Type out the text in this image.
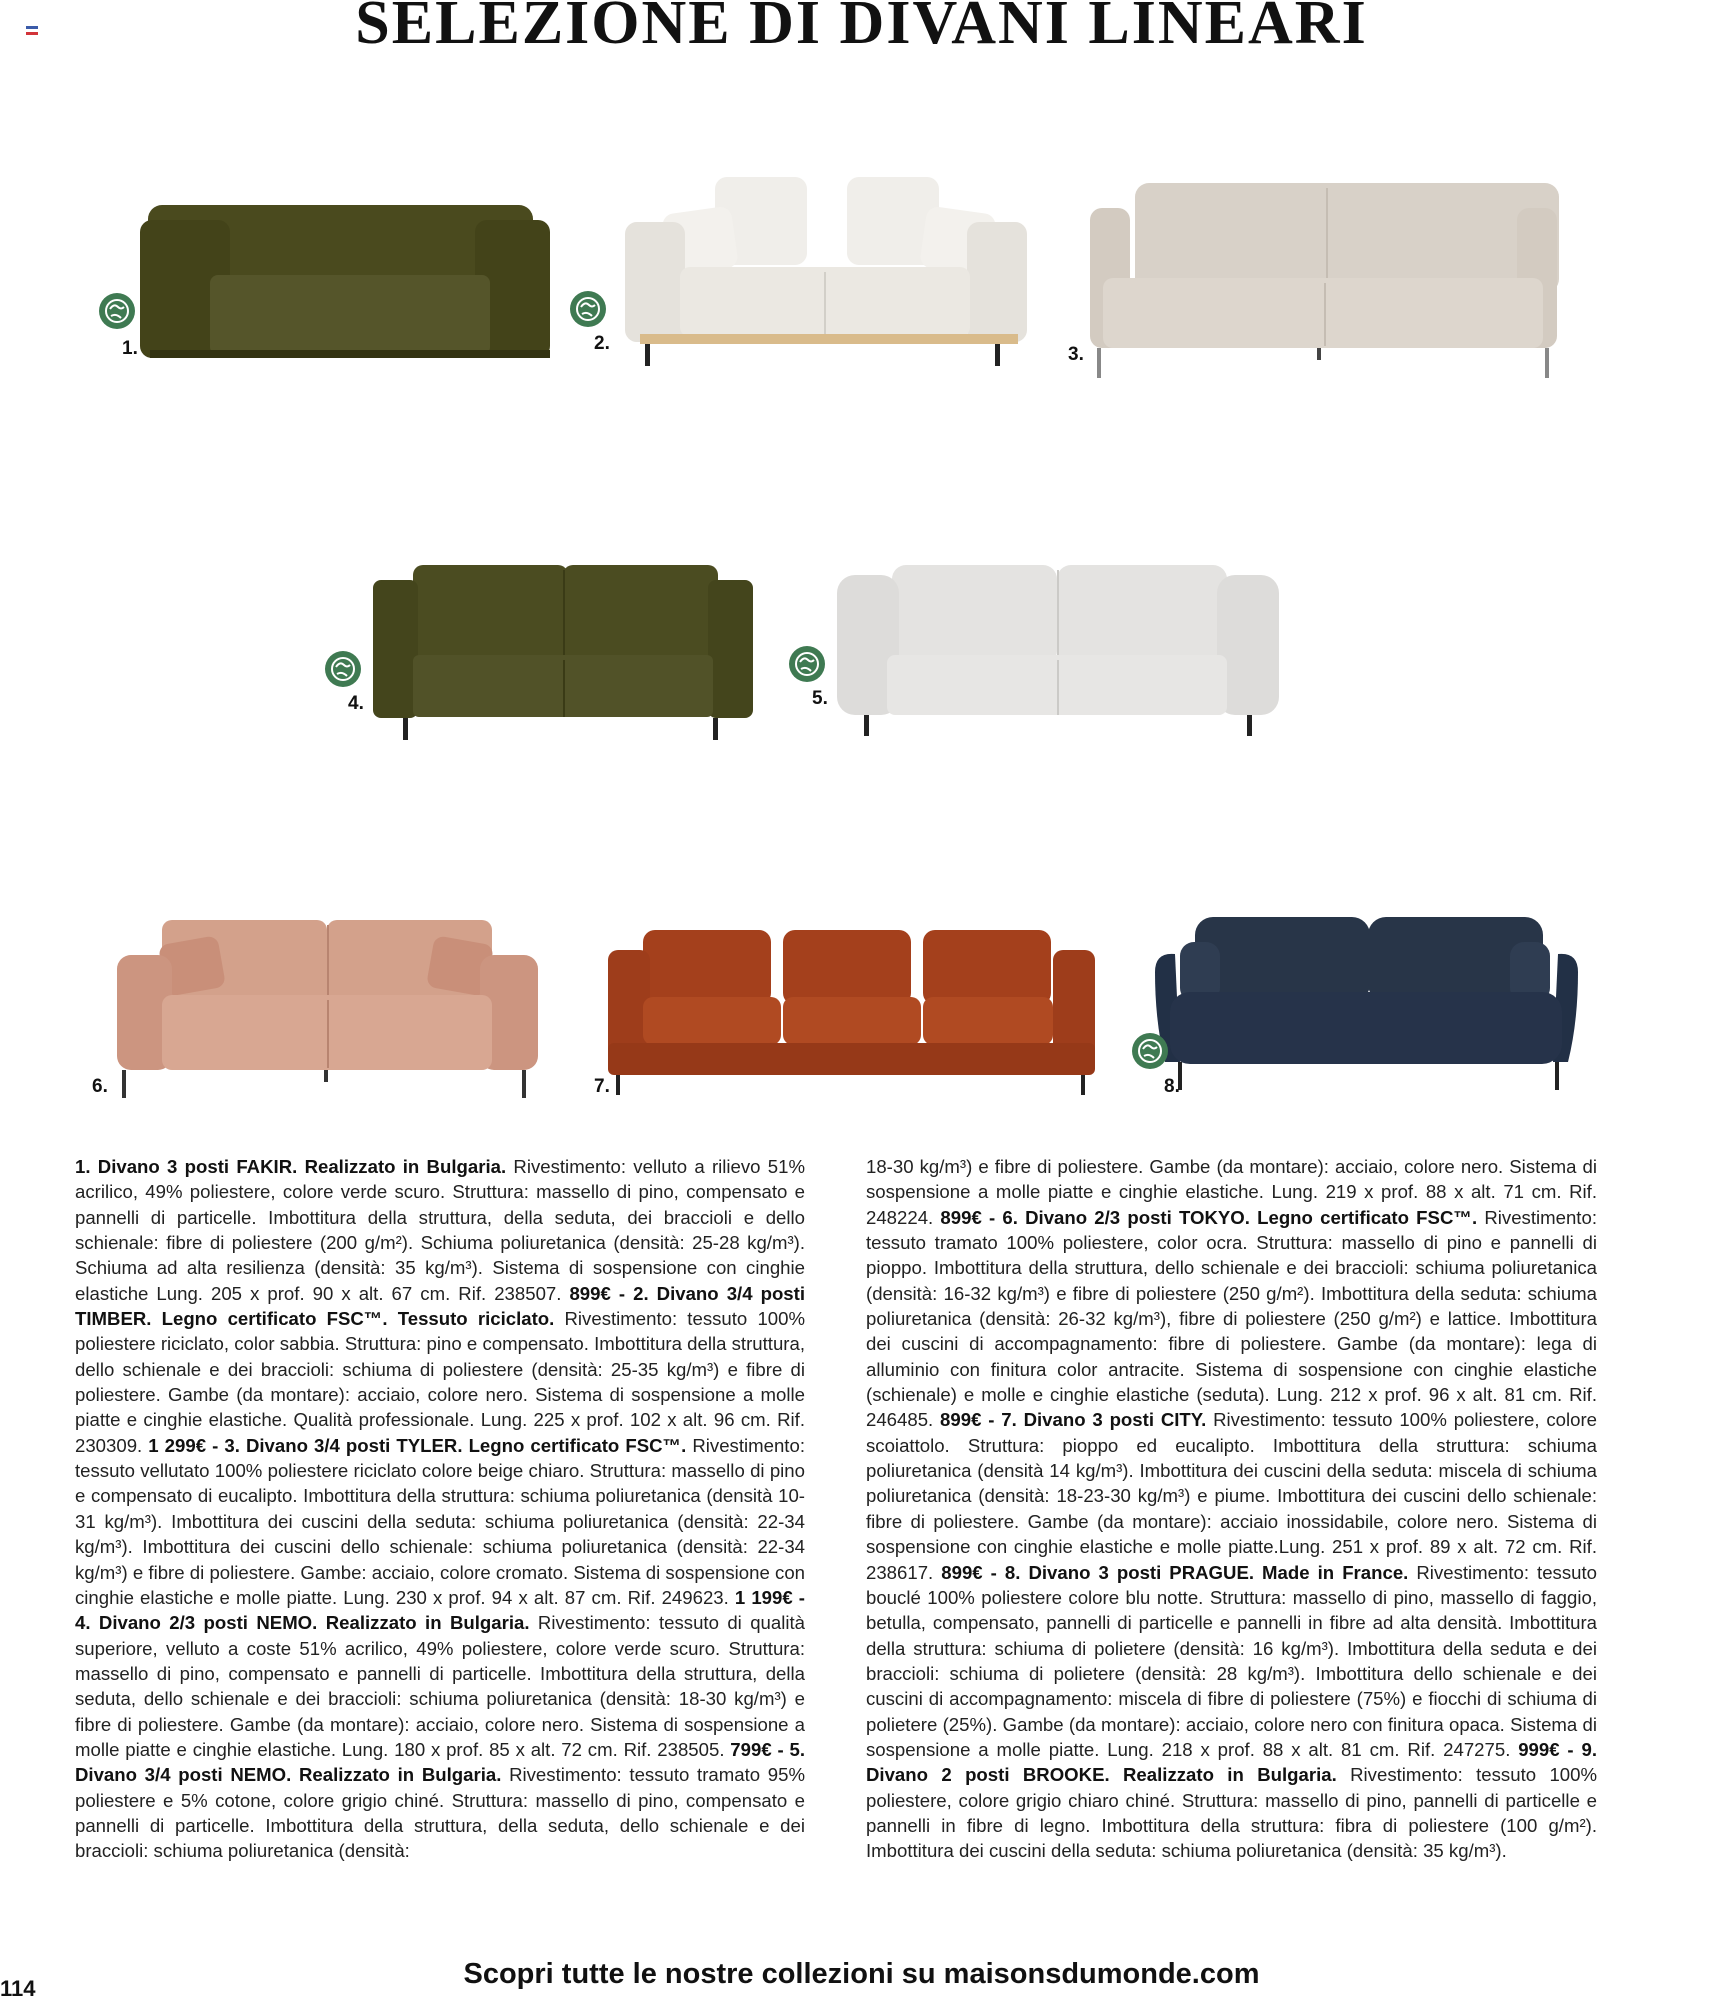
SELEZIONE DI DIVANI LINEARI
1.	2.
3.
4.	5.
6.	7.	8.
1. Divano 3 posti FAKIR. Realizzato in Bulgaria. Rivestimento: velluto a rilievo 51% acrilico, 49% poliestere, colore verde scuro. Struttura: massello di pino, compensato e pannelli di particelle. Imbottitura della struttura, della seduta, dei braccioli e dello schienale: fibre di poliestere (200 g/m²). Schiuma poliuretanica (densità: 25-28 kg/m³). Schiuma ad alta resilienza (densità: 35 kg/m³). Sistema di sospensione con cinghie elastiche Lung. 205 x prof. 90 x alt. 67 cm. Rif. 238507. 899€ - 2. Divano 3/4 posti TIMBER. Legno certificato FSC™. Tessuto riciclato. Rivestimento: tessuto 100% poliestere riciclato, color sabbia. Struttura: pino e compensato. Imbottitura della struttura, dello schienale e dei braccioli: schiuma di poliestere (densità: 25-35 kg/m³) e fibre di poliestere. Gambe (da montare): acciaio, colore nero. Sistema di sospensione a molle piatte e cinghie elastiche. Qualità professionale. Lung. 225 x prof. 102 x alt. 96 cm. Rif. 230309. 1 299€ - 3. Divano 3/4 posti TYLER. Legno certificato FSC™. Rivestimento: tessuto vellutato 100% poliestere riciclato colore beige chiaro. Struttura: massello di pino e compensato di eucalipto. Imbottitura della struttura: schiuma poliuretanica (densità 10-31 kg/m³). Imbottitura dei cuscini della seduta: schiuma poliuretanica (densità: 22-34 kg/m³). Imbottitura dei cuscini dello schienale: schiuma poliuretanica (densità: 22-34 kg/m³) e fibre di poliestere. Gambe: acciaio, colore cromato. Sistema di sospensione con cinghie elastiche e molle piatte. Lung. 230 x prof. 94 x alt. 87 cm. Rif. 249623. 1 199€ - 4. Divano 2/3 posti NEMO. Realizzato in Bulgaria. Rivestimento: tessuto di qualità superiore, velluto a coste 51% acrilico, 49% poliestere, colore verde scuro. Struttura: massello di pino, compensato e pannelli di particelle. Imbottitura della struttura, della seduta, dello schienale e dei braccioli: schiuma poliuretanica (densità: 18-30 kg/m³) e fibre di poliestere. Gambe (da montare): acciaio, colore nero. Sistema di sospensione a molle piatte e cinghie elastiche. Lung. 180 x prof. 85 x alt. 72 cm. Rif. 238505. 799€ - 5. Divano 3/4 posti NEMO. Realizzato in Bulgaria. Rivestimento: tessuto tramato 95% poliestere e 5% cotone, colore grigio chiné. Struttura: massello di pino, compensato e pannelli di particelle. Imbottitura della struttura, della seduta, dello schienale e dei braccioli: schiuma poliuretanica (densità:
18-30 kg/m³) e fibre di poliestere. Gambe (da montare): acciaio, colore nero. Sistema di sospensione a molle piatte e cinghie elastiche. Lung. 219 x prof. 88 x alt. 71 cm. Rif. 248224. 899€ - 6. Divano 2/3 posti TOKYO. Legno certificato FSC™. Rivestimento: tessuto tramato 100% poliestere, color ocra. Struttura: massello di pino e pannelli di pioppo. Imbottitura della struttura, dello schienale e dei braccioli: schiuma poliuretanica (densità: 16-32 kg/m³) e fibre di poliestere (250 g/m²). Imbottitura della seduta: schiuma poliuretanica (densità: 26-32 kg/m³), fibre di poliestere (250 g/m²) e lattice. Imbottitura dei cuscini di accompagnamento: fibre di poliestere. Gambe (da montare): lega di alluminio con finitura color antracite. Sistema di sospensione con cinghie elastiche (schienale) e molle e cinghie elastiche (seduta). Lung. 212 x prof. 96 x alt. 81 cm. Rif. 246485. 899€ - 7. Divano 3 posti CITY. Rivestimento: tessuto 100% poliestere, colore scoiattolo. Struttura: pioppo ed eucalipto. Imbottitura della struttura: schiuma poliuretanica (densità 14 kg/m³). Imbottitura dei cuscini della seduta: miscela di schiuma poliuretanica (densità: 18-23-30 kg/m³) e piume. Imbottitura dei cuscini dello schienale: fibre di poliestere. Gambe (da montare): acciaio inossidabile, colore nero. Sistema di sospensione con cinghie elastiche e molle piatte.Lung. 251 x prof. 89 x alt. 72 cm. Rif. 238617. 899€ - 8. Divano 3 posti PRAGUE. Made in France. Rivestimento: tessuto bouclé 100% poliestere colore blu notte. Struttura: massello di pino, massello di faggio, betulla, compensato, pannelli di particelle e pannelli in fibre ad alta densità. Imbottitura della struttura: schiuma di polietere (densità: 16 kg/m³). Imbottitura della seduta e dei braccioli: schiuma di polietere (densità: 28 kg/m³). Imbottitura dello schienale e dei cuscini di accompagnamento: miscela di fibre di poliestere (75%) e fiocchi di schiuma di polietere (25%). Gambe (da montare): acciaio, colore nero con finitura opaca. Sistema di sospensione a molle piatte. Lung. 218 x prof. 88 x alt. 81 cm. Rif. 247275. 999€ - 9. Divano 2 posti BROOKE. Realizzato in Bulgaria. Rivestimento: tessuto 100% poliestere, colore grigio chiaro chiné. Struttura: massello di pino, pannelli di particelle e pannelli in fibre di legno. Imbottitura della struttura: fibra di poliestere (100 g/m²). Imbottitura dei cuscini della seduta: schiuma poliuretanica (densità: 35 kg/m³).
Scopri tutte le nostre collezioni su maisonsdumonde.com
114
